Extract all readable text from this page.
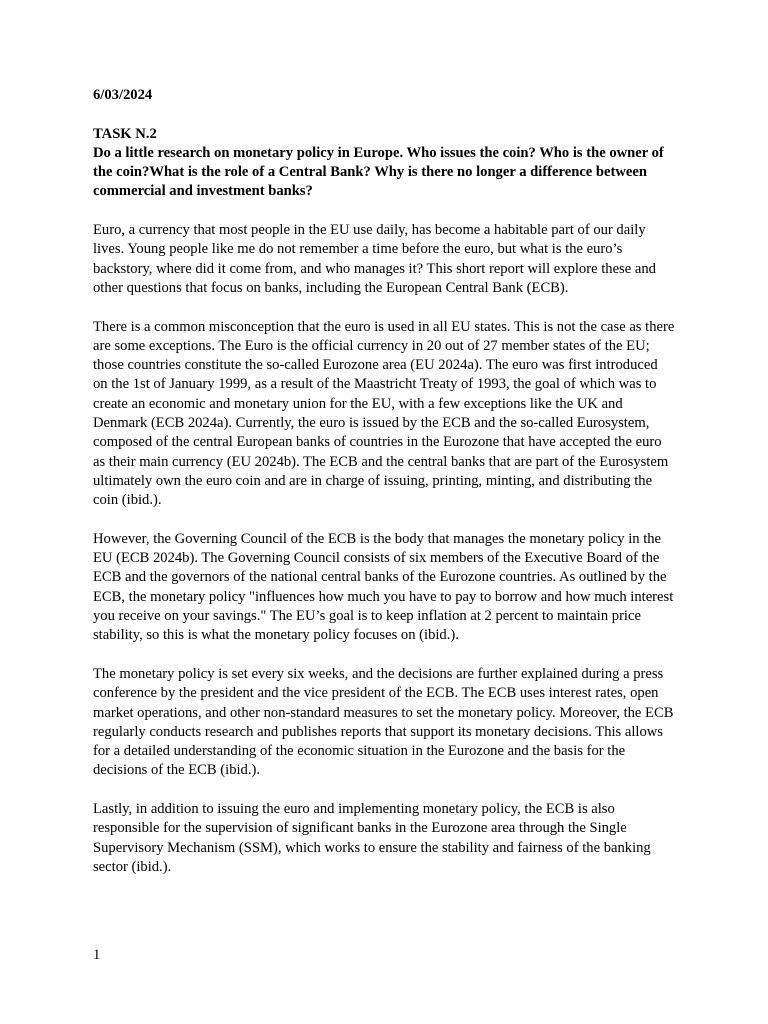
6/03/2024

TASK N.2

Do a little research on monetary policy in Europe. Who issues the coin? Who is the owner of the coin?What is the role of a Central Bank? Why is there no longer a difference between commercial and investment banks?

Euro, a currency that most people in the EU use daily, has become a habitable part of our daily lives. Young people like me do not remember a time before the euro, but what is the euro’s backstory, where did it come from, and who manages it? This short report will explore these and other questions that focus on banks, including the European Central Bank (ECB).

There is a common misconception that the euro is used in all EU states. This is not the case as there are some exceptions. The Euro is the official currency in 20 out of 27 member states of the EU; those countries constitute the so-called Eurozone area (EU 2024a). The euro was first introduced on the 1st of January 1999, as a result of the Maastricht Treaty of 1993, the goal of which was to create an economic and monetary union for the EU, with a few exceptions like the UK and Denmark (ECB 2024a). Currently, the euro is issued by the ECB and the so-called Eurosystem, composed of the central European banks of countries in the Eurozone that have accepted the euro as their main currency (EU 2024b). The ECB and the central banks that are part of the Eurosystem ultimately own the euro coin and are in charge of issuing, printing, minting, and distributing the coin (ibid.).

However, the Governing Council of the ECB is the body that manages the monetary policy in the EU (ECB 2024b). The Governing Council consists of six members of the Executive Board of the ECB and the governors of the national central banks of the Eurozone countries. As outlined by the ECB, the monetary policy "influences how much you have to pay to borrow and how much interest you receive on your savings." The EU’s goal is to keep inflation at 2 percent to maintain price stability, so this is what the monetary policy focuses on (ibid.).

The monetary policy is set every six weeks, and the decisions are further explained during a press conference by the president and the vice president of the ECB. The ECB uses interest rates, open market operations, and other non-standard measures to set the monetary policy. Moreover, the ECB regularly conducts research and publishes reports that support its monetary decisions. This allows for a detailed understanding of the economic situation in the Eurozone and the basis for the decisions of the ECB (ibid.).

Lastly, in addition to issuing the euro and implementing monetary policy, the ECB is also responsible for the supervision of significant banks in the Eurozone area through the Single Supervisory Mechanism (SSM), which works to ensure the stability and fairness of the banking sector (ibid.).

1
